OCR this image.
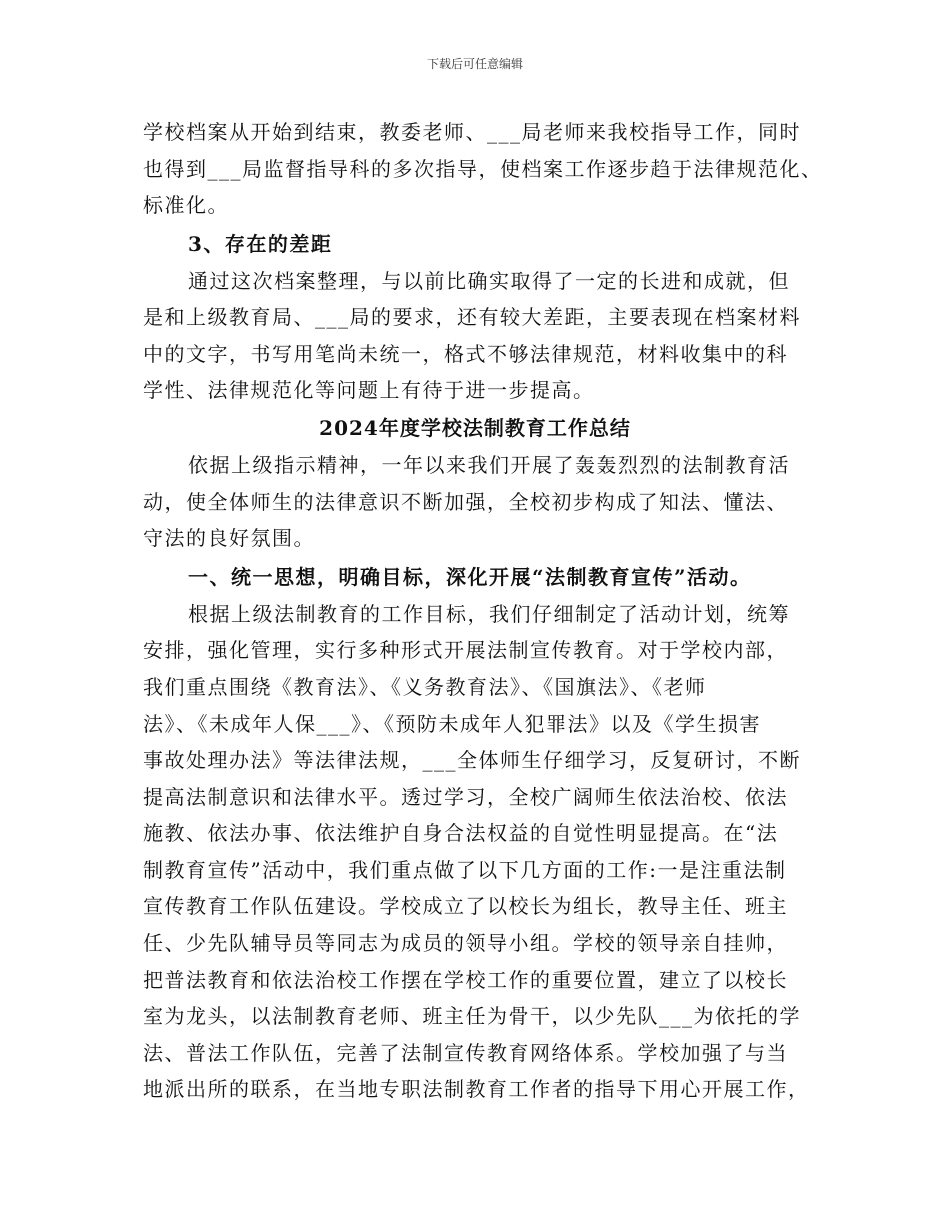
下载后可任意编辑
学校档案从开始到结束，教委老师、___局老师来我校指导工作，同时
也得到___局监督指导科的多次指导，使档案工作逐步趋于法律规范化、
标准化。
3、存在的差距
通过这次档案整理，与以前比确实取得了一定的长进和成就，但
是和上级教育局、___局的要求，还有较大差距，主要表现在档案材料
中的文字，书写用笔尚未统一，格式不够法律规范，材料收集中的科
学性、法律规范化等问题上有待于进一步提高。
2024年度学校法制教育工作总结
依据上级指示精神，一年以来我们开展了轰轰烈烈的法制教育活
动，使全体师生的法律意识不断加强，全校初步构成了知法、懂法、
守法的良好氛围。
一、统一思想，明确目标，深化开展“法制教育宣传”活动。
根据上级法制教育的工作目标，我们仔细制定了活动计划，统筹
安排，强化管理，实行多种形式开展法制宣传教育。对于学校内部，
我们重点围绕《教育法》、《义务教育法》、《国旗法》、《老师
法》、《未成年人保___》、《预防未成年人犯罪法》以及《学生损害
事故处理办法》等法律法规，___全体师生仔细学习，反复研讨，不断
提高法制意识和法律水平。透过学习，全校广阔师生依法治校、依法
施教、依法办事、依法维护自身合法权益的自觉性明显提高。在“法
制教育宣传”活动中，我们重点做了以下几方面的工作:一是注重法制
宣传教育工作队伍建设。学校成立了以校长为组长，教导主任、班主
任、少先队辅导员等同志为成员的领导小组。学校的领导亲自挂帅，
把普法教育和依法治校工作摆在学校工作的重要位置，建立了以校长
室为龙头，以法制教育老师、班主任为骨干，以少先队___为依托的学
法、普法工作队伍，完善了法制宣传教育网络体系。学校加强了与当
地派出所的联系，在当地专职法制教育工作者的指导下用心开展工作，
